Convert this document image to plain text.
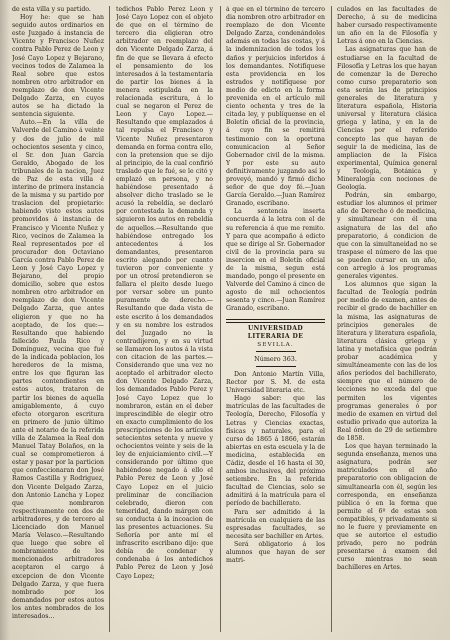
de esta villa y su partido.

Hoy he: que se han seguido autos ordinarios en este Juzgado á instancia de Vicente y Francisco Nuñez contra Pablo Perez de Leon y José Cayo Lopez y Bejarano, vecinos todos de Zalamea la Real sobre que estos nombren otro arbitrador en reemplazo de don Vicente Delgado Zarza, en cuyos autos se ha dictado la sentencia siguiente.

Auto.—En la villa de Valverde del Camino á veinte y dos de julio de mil ochocientos sesenta y cinco, el Sr. don Juan García Geraldo, Abogado de los tribunales de la nacion, Juez de Paz de esta villa é interino de primera instancia de la misma y su partido por traslacion del propietario: habiendo visto estos autos promovidos á instancia de Francisco y Vicente Nuñez y Rico, vecinos de Zalamea la Real representados por el procurador don Octaviano García contra Pablo Perez de Leon y José Cayo Lopez y Bejarano, del propio domicilio, sobre que estos nombren otro arbitrador en reemplazo de don Vicente Delgado Zarza, que antes eligieron y que no ha aceptado, de los que:—Resultando que habiendo fallecido Paula Rico y Domínguez, vecina que fué de la indicada poblacion, los herederos de la misma, entre los que figuran las partes contendientes en estos autos, trataron de partir los bienes de aquella amigablemente, á cuyo efecto otorgaron escritura en primero de junio último ante el notario de la referida villa de Zalamea la Real don Manuel Tatay Bolaños, en la cual se comprometieron á estar y pasar por la particion que confeccionaran don José Ramos Castilla y Rodriguez, don Vicente Delgado Zarza, don Antonio Lancha y Lopez que nombraron respectivamente con dos de arbitradores, y de tercero al Licenciado don Manuel María Velasco.—Resultando que luego que sobre el nombramiento de los mencionados arbitradores aceptaron el cargo á excepcion de don Vicente Delgado Zarza, y que fuera nombrado por los demandados por estos autos los antes nombrados de los interesados...

tedichos Pablo Perez Leon y José Cayo Lopez con el objeto de que en el término de tercero dia eligieran otro arbitrador en reemplazo del don Vicente Delgado Zarza, á fin de que se llevara á efecto el pensamiento de los interesados á la testamentaría de partir los bienes á la menera estipulada en la relacionada escritura, á lo cual se negaron el Perez de Leon y Cayo Lopez.—Resultando que emplazados á tal repulsa el Francisco y Vicente Nuñez presentaron demanda en forma contra ello, con la pretension que se dijo al principio, de la cual confirió traslado que le fué, se le citó y emplazó en persona, y no habiéndose presentado á absolver dicho traslado se le acusó la rebeldía, se declaró por contestada la demanda y siguieron los autos en rebeldía de aquellos.—Resultando que habiéndose entregado los antecedentes á los demandantes, presentaron escrito alegando por cuanto tuvieron por conveniente y por un otrosí pretendieron se fallara el pleito desde luego por versar sobre un punto puramente de derecho.—Resultando que dada vista de este escrito á los demandados y en su nombre los estrados del Juzgado no la contradijeron, y en su virtud se llamaron los autos á la vista con citacion de las partes.—Considerando que una vez no aceptado el arbitrador electo don Vicente Delgado Zarza, los demandados Pablo Perez y José Cayo Lopez que lo nombraron, están en el deber imprescindible de elegir otro en exacto cumplimiento de los prescripciones de los artículos setecientos setenta y nueve y ochocientos veinte y seis de la ley de enjuiciamiento civil.—Y considerando por último que habiéndose negado á ello el Pablo Perez de Leon y José Cayo Lopez en el juicio preliminar de conciliacion celebrado, dieron con temeridad, dando márgen con su conducta á la incoacion de las presentes actuaciones. Su Señoría por ante mí el infrascrito escribano dijo: que debía de condenar y condenaba á los antedichos Pablo Perez de Leon y José Cayo Lopez;

á que en el término de tercero dia nombren otro arbitrador en reemplazo de don Vicente Delgado Zarza, condenándoles además en todas las costas, y á la indemnizacion de todos los daños y perjuicios inferidos á los demandantes. Notifíquese esta providencia en los estrados y notifíquese por medio de edicto en la forma prevenida en el artículo mil ciento ochenta y tres de la citada ley, y publíquense en el Boletín oficial de la provincia, á cuyo fin se remitirá testimonio con la oportuna comunicacion al Señor Gobernador civil de la misma. Y por este su auto definitivamente juzgando así lo proveyó, mandó y firmó dicho señor de que doy fé.—Juan García Geraldo.—Juan Ramírez Granado, escribano.

La sentencia inserta concuerda á la letra con el de su referencia á que me remito. Y para que acompaño á edicto que se dirige al Sr. Gobernador civil de la provincia para su insercion en el Boletín oficial de la misma, segun está mandado, pongo el presente en Valverde del Camino á cinco de agosto de mil ochocientos sesenta y cinco.—Juan Ramírez Granado, escribano.

UNIVERSIDAD LITERARIA DE
SEVILLA.
Número 363.

Don Antonio Martín Villa, Rector por S. M. de esta Universidad literaria etc.

Hago saber: que las matrículas de las facultades de Teología, Derecho, Filosofía y Letras y Ciencias exactas, físicas y naturales, para el curso de 1865 á 1866, estarán abiertas en esta escuela y la de medicina, establecida en Cádiz, desde el 16 hasta el 30, ambos inclusives, del próximo setiembre. En la referida facultad de Ciencias, solo se admitirá á la matrícula para el período de bachillerato.

Para ser admitido á la matrícula en cualquiera de las espresadas facultades, se necesita ser bachiller en Artes.

Será obligatorio á los alumnos que hayan de ser matri-

culados en las facultades de Derecho, á su de medicina haber cursado respectivamente un año en la de Filosofía y Letras á ono en la Ciencias.

Las asignaturas que han de estudiarse en la facultad de Filosofía y Letras los que hayan de comenzar la de Derecho como curso preparatorio son esta serán las de principios generales de literatura y literatura española, Historia universal y literatura clásica griega y latina, y en la de Ciencias por el referido concepto las que hayan de seguir la de medicina, las de ampliacion de la Física experimental, Química general y Teología, Botánica y Mineralogía con nociones de Geología.

Podrán, sin embargo, estudiar los alumnos el primer año de Derecho ó de medicina, y simultanear con él una asignatura de las del año preparatorio, á condicion de que con la simultaneidad no se traspase el número de las que se pueden cursar en un año, con arreglo á los programas generales vigentes.

Los alumnos que sigan la facultad de Teología podrán por medio de examen, antes de recibir el grado de bachiller en la misma, las asignaturas de principios generales de literatura y literatura española, literatura clásica griega y latina y metafísica que podrán probar académica y simultáneamente con las de los años períodos del bachillerato, siempre que el número de lecciones no exceda del que permiten los vigentes programas generales ó por medio de examen en virtud del estudio privado que autoriza la Real órden de 29 de setiembre de 1858.

Los que hayan terminado la segunda enseñanza, menos una asignatura, podrán ser matriculados en el año preparatorio con obligacion de simultanearla con él, según les corresponda, en enseñanza pública ó en la forma que permite el 6º de estas son compatibles, y privadamente si no le fuere y previamente en que se autorice el estudio privado, pero no podrán presentarse á examen del curso mientras no sean bachilleres en Artes.
